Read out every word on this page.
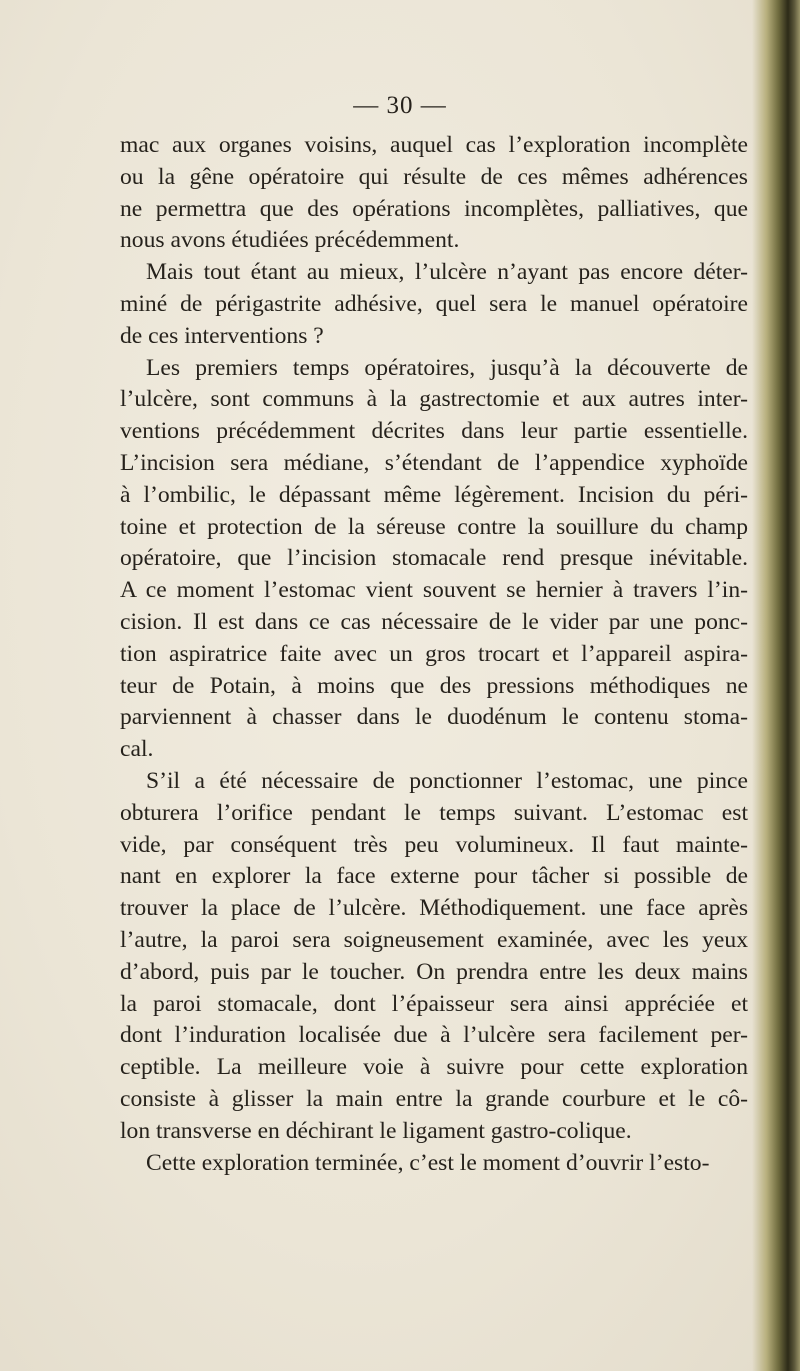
— 30 —

mac aux organes voisins, auquel cas l’exploration incomplète

ou la gêne opératoire qui résulte de ces mêmes adhérences

ne permettra que des opérations incomplètes, palliatives, que

nous avons étudiées précédemment.

Mais tout étant au mieux, l’ulcère n’ayant pas encore déter-

miné de périgastrite adhésive, quel sera le manuel opératoire

de ces interventions ?

Les premiers temps opératoires, jusqu’à la découverte de

l’ulcère, sont communs à la gastrectomie et aux autres inter-

ventions précédemment décrites dans leur partie essentielle.

L’incision sera médiane, s’étendant de l’appendice xyphoïde

à l’ombilic, le dépassant même légèrement. Incision du péri-

toine et protection de la séreuse contre la souillure du champ

opératoire, que l’incision stomacale rend presque inévitable.

A ce moment l’estomac vient souvent se hernier à travers l’in-

cision. Il est dans ce cas nécessaire de le vider par une ponc-

tion aspiratrice faite avec un gros trocart et l’appareil aspira-

teur de Potain, à moins que des pressions méthodiques ne

parviennent à chasser dans le duodénum le contenu stoma-

cal.

S’il a été nécessaire de ponctionner l’estomac, une pince

obturera l’orifice pendant le temps suivant. L’estomac est

vide, par conséquent très peu volumineux. Il faut mainte-

nant en explorer la face externe pour tâcher si possible de

trouver la place de l’ulcère. Méthodiquement. une face après

l’autre, la paroi sera soigneusement examinée, avec les yeux

d’abord, puis par le toucher. On prendra entre les deux mains

la paroi stomacale, dont l’épaisseur sera ainsi appréciée et

dont l’induration localisée due à l’ulcère sera facilement per-

ceptible. La meilleure voie à suivre pour cette exploration

consiste à glisser la main entre la grande courbure et le cô-

lon transverse en déchirant le ligament gastro-colique.

Cette exploration terminée, c’est le moment d’ouvrir l’esto-
